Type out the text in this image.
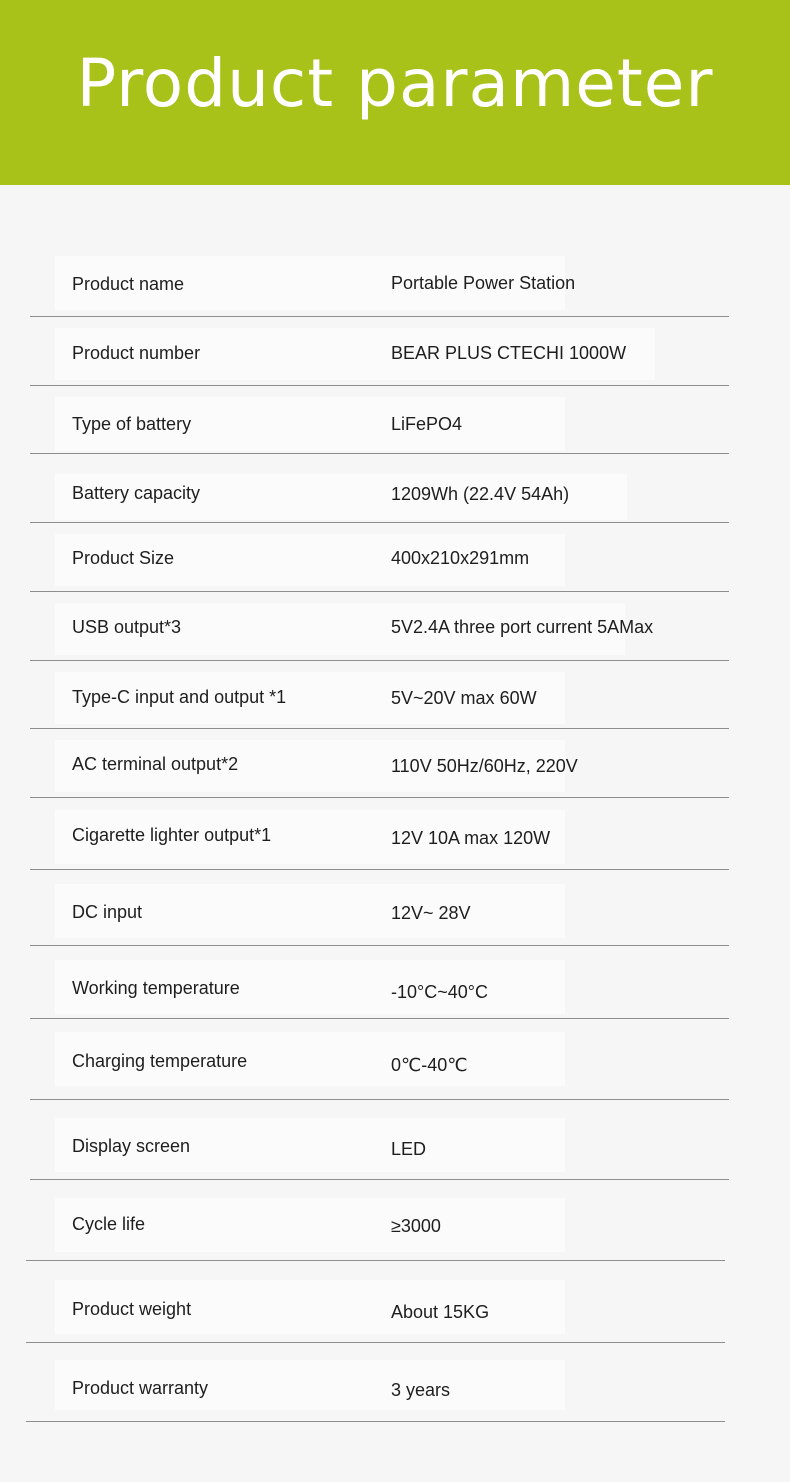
Product parameter
Product name	Portable Power Station
Product number	BEAR PLUS CTECHI 1000W
Type of battery	LiFePO4
Battery capacity	1209Wh (22.4V 54Ah)
Product Size	400x210x291mm
USB output*3	5V2.4A three port current 5AMax
Type-C input and output *1	5V~20V max 60W
AC terminal output*2	110V 50Hz/60Hz, 220V
Cigarette lighter output*1	12V 10A max 120W
DC input	12V~ 28V
Working temperature	-10°C~40°C
Charging temperature	0℃-40℃
Display screen	LED
Cycle life	≥3000
Product weight	About 15KG
Product warranty	3 years
